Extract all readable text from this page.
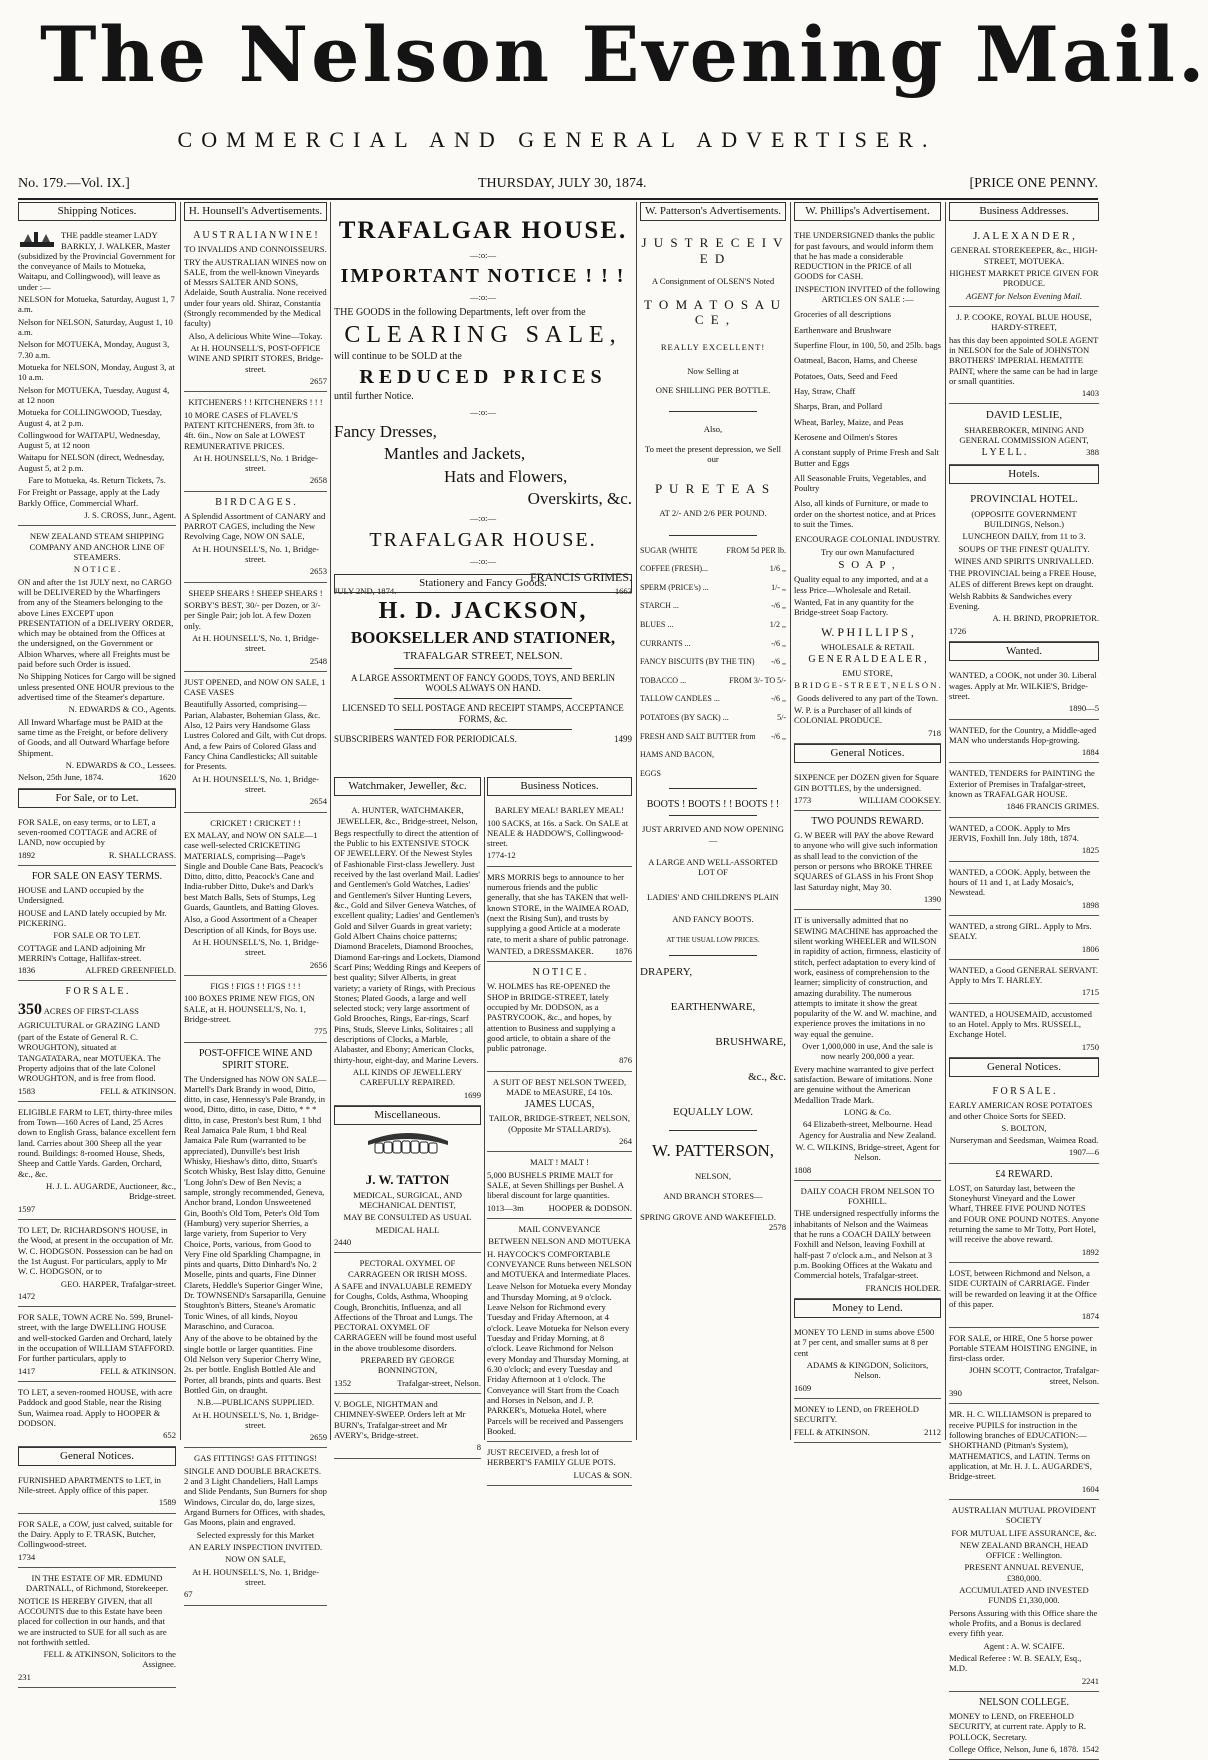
The Nelson Evening Mail.
COMMERCIAL AND GENERAL ADVERTISER.
No. 179.—Vol. IX.]	THURSDAY, JULY 30, 1874.	[PRICE ONE PENNY.
Shipping Notices.

THE paddle steamer LADY BARKLY, J. WALKER, Master (subsidized by the Provincial Government for the conveyance of Mails to Motueka, Waitapu, and Collingwood), will leave as under :—

NELSON for Motueka, Saturday, August 1, 7 a.m.

Nelson for NELSON, Saturday, August 1, 10 a.m.

Nelson for MOTUEKA, Monday, August 3, 7.30 a.m.

Motueka for NELSON, Monday, August 3, at 10 a.m.

Nelson for MOTUEKA, Tuesday, August 4, at 12 noon

Motueka for COLLINGWOOD, Tuesday, August 4, at 2 p.m.

Collingwood for WAITAPU, Wednesday, August 5, at 12 noon

Waitapu for NELSON (direct, Wednesday, August 5, at 2 p.m.

Fare to Motueka, 4s. Return Tickets, 7s.

For Freight or Passage, apply at the Lady Barkly Office, Commercial Wharf.

J. S. CROSS, Junr., Agent.

NEW ZEALAND STEAM SHIPPING COMPANY AND ANCHOR LINE OF STEAMERS.

N O T I C E .

ON and after the 1st JULY next, no CARGO will be DELIVERED by the Wharfingers from any of the Steamers belonging to the above Lines EXCEPT upon PRESENTATION of a DELIVERY ORDER, which may be obtained from the Offices at the undersigned, on the Government or Albion Wharves, where all Freights must be paid before such Order is issued.

No Shipping Notices for Cargo will be signed unless presented ONE HOUR previous to the advertised time of the Steamer's departure.

N. EDWARDS & CO., Agents.

All Inward Wharfage must be PAID at the same time as the Freight, or before delivery of Goods, and all Outward Wharfage before Shipment.

N. EDWARDS & CO., Lessees.

Nelson, 25th June, 1874.	1620

For Sale, or to Let.

FOR SALE, on easy terms, or to LET, a seven-roomed COTTAGE and ACRE of LAND, now occupied by

1892	R. SHALLCRASS.

FOR SALE ON EASY TERMS.

HOUSE and LAND occupied by the Undersigned.

HOUSE and LAND lately occupied by Mr. PICKERING.

FOR SALE OR TO LET.

COTTAGE and LAND adjoining Mr MERRIN's Cottage, Hallifax-street.

1836	ALFRED GREENFIELD.

F O R S A L E .

350 ACRES OF FIRST-CLASS AGRICULTURAL or GRAZING LAND

(part of the Estate of General R. C. WROUGHTON), situated at TANGATATARA, near MOTUEKA. The Property adjoins that of the late Colonel WROUGHTON, and is free from flood.

1583	FELL & ATKINSON.

ELIGIBLE FARM to LET, thirty-three miles from Town—160 Acres of Land, 25 Acres down to English Grass, balance excellent fern land. Carries about 300 Sheep all the year round. Buildings: 8-roomed House, Sheds, Sheep and Cattle Yards. Garden, Orchard, &c., &c.

H. J. L. AUGARDE, Auctioneer, &c., Bridge-street.

1597

TO LET, Dr. RICHARDSON'S HOUSE, in the Wood, at present in the occupation of Mr. W. C. HODGSON. Possession can be had on the 1st August. For particulars, apply to Mr W. C. HODGSON, or to

GEO. HARPER, Trafalgar-street.

1472

FOR SALE, TOWN ACRE No. 599, Brunel-street, with the large DWELLING HOUSE and well-stocked Garden and Orchard, lately in the occupation of WILLIAM STAFFORD. For further particulars, apply to

1417	FELL & ATKINSON.

TO LET, a seven-roomed HOUSE, with acre Paddock and good Stable, near the Rising Sun, Waimea road. Apply to HOOPER & DODSON.

652

General Notices.

FURNISHED APARTMENTS to LET, in Nile-street. Apply office of this paper.

1589

FOR SALE, a COW, just calved, suitable for the Dairy. Apply to F. TRASK, Butcher, Collingwood-street.

1734

IN THE ESTATE OF MR. EDMUND DARTNALL, of Richmond, Storekeeper.

NOTICE IS HEREBY GIVEN, that all ACCOUNTS due to this Estate have been placed for collection in our hands, and that we are instructed to SUE for all such as are not forthwith settled.

FELL & ATKINSON, Solicitors to the Assignee.

231

H. Hounsell's Advertisements.

A U S T R A L I A N W I N E !

TO INVALIDS AND CONNOISSEURS.

TRY the AUSTRALIAN WINES now on SALE, from the well-known Vineyards of Messrs SALTER AND SONS, Adelaide, South Australia. None received under four years old. Shiraz, Constantia (Strongly recommended by the Medical faculty)

Also, A delicious White Wine—Tokay.

At H. HOUNSELL'S, POST-OFFICE WINE AND SPIRIT STORES, Bridge-street.

2657

KITCHENERS ! ! KITCHENERS ! ! !

10 MORE CASES of FLAVEL'S PATENT KITCHENERS, from 3ft. to 4ft. 6in., Now on Sale at LOWEST REMUNERATIVE PRICES.

At H. HOUNSELL'S, No. 1 Bridge-street.

2658

B I R D C A G E S .

A Splendid Assortment of CANARY and PARROT CAGES, including the New Revolving Cage, NOW ON SALE,

At H. HOUNSELL'S, No. 1, Bridge-street.

2653

SHEEP SHEARS ! SHEEP SHEARS !

SORBY'S BEST, 30/- per Dozen, or 3/- per Single Pair; job lot. A few Dozen only.

At H. HOUNSELL'S, No. 1, Bridge-street.

2548

JUST OPENED, and NOW ON SALE, 1 CASE VASES

Beautifully Assorted, comprising—Parian, Alabaster, Bohemian Glass, &c. Also, 12 Pairs very Handsome Glass Lustres Colored and Gilt, with Cut drops. And, a few Pairs of Colored Glass and Fancy China Candlesticks; All suitable for Presents.

At H. HOUNSELL'S, No. 1, Bridge-street.

2654

CRICKET ! CRICKET ! !

EX MALAY, and NOW ON SALE—1 case well-selected CRICKETING MATERIALS, comprising—Page's Single and Double Cane Bats, Peacock's Ditto, ditto, ditto, Peacock's Cane and India-rubber Ditto, Duke's and Dark's best Match Balls, Sets of Stumps, Leg Guards, Gauntlets, and Batting Gloves.

Also, a Good Assortment of a Cheaper Description of all Kinds, for Boys use.

At H. HOUNSELL'S, No. 1, Bridge-street.

2656

FIGS ! FIGS ! ! FIGS ! ! !

100 BOXES PRIME NEW FIGS, ON SALE, at H. HOUNSELL'S, No. 1, Bridge-street.

775

POST-OFFICE WINE AND SPIRIT STORE.

The Undersigned has NOW ON SALE—Martell's Dark Brandy in wood, Ditto, ditto, in case, Hennessy's Pale Brandy, in wood, Ditto, ditto, in case, Ditto, * * * ditto, in case, Preston's best Rum, 1 bhd Real Jamaica Pale Rum, 1 bhd Real Jamaica Pale Rum (warranted to be appreciated), Dunville's best Irish Whisky, Hieshaw's ditto, ditto, Stuart's Scotch Whisky, Best Islay ditto, Genuine 'Long John's Dew of Ben Nevis; a sample, strongly recommended, Geneva, Anchor brand, London Unsweetened Gin, Booth's Old Tom, Peter's Old Tom (Hamburg) very superior Sherries, a large variety, from Superior to Very Choice, Ports, various, from Good to Very Fine old Sparkling Champagne, in pints and quarts, Ditto Dinhard's No. 2 Moselle, pints and quarts, Fine Dinner Clarets, Heddle's Superior Ginger Wine, Dr. TOWNSEND's Sarsaparilla, Genuine Stoughton's Bitters, Steane's Aromatic Tonic Wines, of all kinds, Noyou Maraschino, and Curacoa.

Any of the above to be obtained by the single bottle or larger quantities. Fine Old Nelson very Superior Cherry Wine, 2s. per bottle. English Bottled Ale and Porter, all brands, pints and quarts. Best Bottled Gin, on draught.

N.B.—PUBLICANS SUPPLIED.

At H. HOUNSELL'S, No. 1, Bridge-street.

2659

GAS FITTINGS! GAS FITTINGS!

SINGLE AND DOUBLE BRACKETS. 2 and 3 Light Chandeliers, Hall Lamps and Slide Pendants, Sun Burners for shop Windows, Circular do, do, large sizes, Argand Burners for Offices, with shades, Gas Moons, plain and engraved.

Selected expressly for this Market

AN EARLY INSPECTION INVITED.

NOW ON SALE,

At H. HOUNSELL'S, No. 1, Bridge-street.

67

TRAFALGAR HOUSE.

—:o:—

IMPORTANT NOTICE ! ! !

—:o:—

THE GOODS in the following Departments, left over from the

CLEARING SALE,

will continue to be SOLD at the

REDUCED PRICES

until further Notice.

—:o:—

Fancy Dresses,

Mantles and Jackets,

Hats and Flowers,

Overskirts, &c.

—:o:—

TRAFALGAR HOUSE.

—:o:—

FRANCIS GRIMES.

JULY 2ND, 1874.	1663

Stationery and Fancy Goods.

H. D. JACKSON,

BOOKSELLER AND STATIONER,

TRAFALGAR STREET, NELSON.

A LARGE ASSORTMENT OF FANCY GOODS, TOYS, AND BERLIN WOOLS ALWAYS ON HAND.

LICENSED TO SELL POSTAGE AND RECEIPT STAMPS, ACCEPTANCE FORMS, &c.

SUBSCRIBERS WANTED FOR PERIODICALS.	1499

Watchmaker, Jeweller, &c.

A. HUNTER, WATCHMAKER, JEWELLER, &c., Bridge-street, Nelson,

Begs respectfully to direct the attention of the Public to his EXTENSIVE STOCK OF JEWELLERY. Of the Newest Styles of Fashionable First-class Jewellery. Just received by the last overland Mail. Ladies' and Gentlemen's Gold Watches, Ladies' and Gentlemen's Silver Hunting Levers, &c., Gold and Silver Geneva Watches, of excellent quality; Ladies' and Gentlemen's Gold and Silver Guards in great variety; Gold Albert Chains choice patterns; Diamond Bracelets, Diamond Brooches, Diamond Ear-rings and Lockets, Diamond Scarf Pins; Wedding Rings and Keepers of best quality; Silver Alberts, in great variety; a variety of Rings, with Precious Stones; Plated Goods, a large and well selected stock; very large assortment of Gold Brooches, Rings, Ear-rings, Scarf Pins, Studs, Sleeve Links, Solitaires ; all descriptions of Clocks, a Marble, Alabaster, and Ebony; American Clocks, thirty-hour, eight-day, and Marine Levers.

ALL KINDS OF JEWELLERY CAREFULLY REPAIRED.

1699

Miscellaneous.

J. W. TATTON

MEDICAL, SURGICAL, AND MECHANICAL DENTIST,

MAY BE CONSULTED AS USUAL

MEDICAL HALL

2440

PECTORAL OXYMEL OF CARRAGEEN OR IRISH MOSS.

A SAFE and INVALUABLE REMEDY for Coughs, Colds, Asthma, Whooping Cough, Bronchitis, Influenza, and all Affections of the Throat and Lungs. The PECTORAL OXYMEL OF CARRAGEEN will be found most useful in the above troublesome disorders.

PREPARED BY GEORGE BONNINGTON,

1352	Trafalgar-street, Nelson.

V. BOGLE, NIGHTMAN and CHIMNEY-SWEEP. Orders left at Mr BURN's, Trafalgar-street and Mr AVERY's, Bridge-street.

8

Business Notices.

BARLEY MEAL! BARLEY MEAL!

100 SACKS, at 16s. a Sack. On SALE at NEALE & HADDOW'S, Collingwood-street.

1774-12

MRS MORRIS begs to announce to her numerous friends and the public generally, that she has TAKEN that well-known STORE, in the WAIMEA ROAD, (next the Rising Sun), and trusts by supplying a good Article at a moderate rate, to merit a share of public patronage.

WANTED, a DRESSMAKER. 1876

N O T I C E .

W. HOLMES has RE-OPENED the SHOP in BRIDGE-STREET, lately occupied by Mr. DODSON, as a PASTRYCOOK, &c., and hopes, by attention to Business and supplying a good article, to obtain a share of the public patronage.

876

A SUIT OF BEST NELSON TWEED, MADE to MEASURE, £4 10s.

JAMES LUCAS,

TAILOR, BRIDGE-STREET, NELSON, (Opposite Mr STALLARD's).

264

MALT ! MALT !

5,000 BUSHELS PRIME MALT for SALE, at Seven Shillings per Bushel. A liberal discount for large quantities.

1013—3m	HOOPER & DODSON.

MAIL CONVEYANCE

BETWEEN NELSON AND MOTUEKA

H. HAYCOCK'S COMFORTABLE CONVEYANCE Runs between NELSON and MOTUEKA and Intermediate Places.

Leave Nelson for Motueka every Monday and Thursday Morning, at 9 o'clock. Leave Nelson for Richmond every Tuesday and Friday Afternoon, at 4 o'clock. Leave Motueka for Nelson every Tuesday and Friday Morning, at 8 o'clock. Leave Richmond for Nelson every Monday and Thursday Morning, at 6.30 o'clock; and every Tuesday and Friday Afternoon at 1 o'clock. The Conveyance will Start from the Coach and Horses in Nelson, and J. P. PARKER's, Motueka Hotel, where Parcels will be received and Passengers Booked.

JUST RECEIVED, a fresh lot of HERBERT'S FAMILY GLUE POTS.

LUCAS & SON.

W. Patterson's Advertisements.

J U S T R E C E I V E D

A Consignment of OLSEN'S Noted

T O M A T O S A U C E ,

REALLY EXCELLENT!

Now Selling at

ONE SHILLING PER BOTTLE.

Also,

To meet the present depression, we Sell our

P U R E T E A S

AT 2/- AND 2/6 PER POUND.

SUGAR (WHITE	FROM 5d PER lb.
COFFEE (FRESH)...	1/6 ,,
SPERM (PRICE's) ...	1/- ,,
STARCH ...	-/6 ,,
BLUES ...	1/2 ,,
CURRANTS ...	-/6 ,,
FANCY BISCUITS (BY THE TIN) -/6 ,,
TOBACCO ...	FROM 3/- TO 5/-
TALLOW CANDLES ...	-/6 ,,
POTATOES (BY SACK) ...	5/-
FRESH AND SALT BUTTER from -/6 ,,
HAMS AND BACON,
EGGS

BOOTS ! BOOTS ! ! BOOTS ! !

JUST ARRIVED AND NOW OPENING—

A LARGE AND WELL-ASSORTED LOT OF

LADIES' AND CHILDREN'S PLAIN

AND FANCY BOOTS.

AT THE USUAL LOW PRICES.

DRAPERY,

EARTHENWARE,

BRUSHWARE,

&c., &c.

EQUALLY LOW.

W. PATTERSON,

NELSON,

AND BRANCH STORES—

SPRING GROVE AND WAKEFIELD.
2578

W. Phillips's Advertisement.

THE UNDERSIGNED thanks the public for past favours, and would inform them that he has made a considerable REDUCTION in the PRICE of all GOODS for CASH.

INSPECTION INVITED of the following ARTICLES ON SALE :—

Groceries of all descriptions

Earthenware and Brushware

Superfine Flour, in 100, 50, and 25lb. bags

Oatmeal, Bacon, Hams, and Cheese

Potatoes, Oats, Seed and Feed

Hay, Straw, Chaff

Sharps, Bran, and Pollard

Wheat, Barley, Maize, and Peas

Kerosene and Oilmen's Stores

A constant supply of Prime Fresh and Salt Butter and Eggs

All Seasonable Fruits, Vegetables, and Poultry

Also, all kinds of Furniture, or made to order on the shortest notice, and at Prices to suit the Times.

ENCOURAGE COLONIAL INDUSTRY.

Try our own Manufactured

S O A P ,

Quality equal to any imported, and at a less Price—Wholesale and Retail.

Wanted, Fat in any quantity for the Bridge-street Soap Factory.

W. P H I L L I P S ,

WHOLESALE & RETAIL

G E N E R A L D E A L E R ,

EMU STORE,

B R I D G E - S T R E E T , N E L S O N .

Goods delivered to any part of the Town.

W. P. is a Purchaser of all kinds of COLONIAL PRODUCE.

718

General Notices.

SIXPENCE per DOZEN given for Square GIN BOTTLES, by the undersigned.

1773	WILLIAM COOKSEY.

TWO POUNDS REWARD.

G. W BEER will PAY the above Reward to anyone who will give such information as shall lead to the conviction of the person or persons who BROKE THREE SQUARES of GLASS in his Front Shop last Saturday night, May 30.

1390

IT is universally admitted that no SEWING MACHINE has approached the silent working WHEELER and WILSON in rapidity of action, firmness, elasticity of stitch, perfect adaptation to every kind of work, easiness of comprehension to the learner; simplicity of construction, and amazing durability. The numerous attempts to imitate it show the great popularity of the W. and W. machine, and experience proves the imitations in no way equal the genuine.

Over 1,000,000 in use, And the sale is now nearly 200,000 a year.

Every machine warranted to give perfect satisfaction. Beware of imitations. None are genuine without the American Medallion Trade Mark.

LONG & Co.

64 Elizabeth-street, Melbourne. Head Agency for Australia and New Zealand.

W. C. WILKINS, Bridge-street, Agent for Nelson.

1808

DAILY COACH FROM NELSON TO FOXHILL.

THE undersigned respectfully informs the inhabitants of Nelson and the Waimeas that he runs a COACH DAILY between Foxhill and Nelson, leaving Foxhill at half-past 7 o'clock a.m., and Nelson at 3 p.m. Booking Offices at the Wakatu and Commercial hotels, Trafalgar-street.

FRANCIS HOLDER.

Money to Lend.

MONEY TO LEND in sums above £500 at 7 per cent, and smaller sums at 8 per cent

ADAMS & KINGDON, Solicitors, Nelson.

1609

MONEY to LEND, on FREEHOLD SECURITY.

FELL & ATKINSON.	2112

Business Addresses.

J. A L E X A N D E R ,

GENERAL STOREKEEPER, &c., HIGH-STREET, MOTUEKA.

HIGHEST MARKET PRICE GIVEN FOR PRODUCE.

AGENT for Nelson Evening Mail.

J. P. COOKE, ROYAL BLUE HOUSE, HARDY-STREET,

has this day been appointed SOLE AGENT in NELSON for the Sale of JOHNSTON BROTHERS' IMPERIAL HEMATITE PAINT, where the same can be had in large or small quantities.

1403

DAVID LESLIE,

SHAREBROKER, MINING AND GENERAL COMMISSION AGENT,

L Y E L L .	388

Hotels.

PROVINCIAL HOTEL.

(OPPOSITE GOVERNMENT BUILDINGS, Nelson.)

LUNCHEON DAILY, from 11 to 3.

SOUPS OF THE FINEST QUALITY.

WINES AND SPIRITS UNRIVALLED.

THE PROVINCIAL being a FREE House, ALES of different Brews kept on draught.

Welsh Rabbits & Sandwiches every Evening.

A. H. BRIND, PROPRIETOR.

1726

Wanted.

WANTED, a COOK, not under 30. Liberal wages. Apply at Mr. WILKIE'S, Bridge-street.

1890—5

WANTED, for the Country, a Middle-aged MAN who understands Hop-growing.

1884

WANTED, TENDERS for PAINTING the Exterior of Premises in Trafalgar-street, known as TRAFALGAR HOUSE.

1846 FRANCIS GRIMES.

WANTED, a COOK. Apply to Mrs JERVIS, Foxhill Inn. July 18th, 1874.

1825

WANTED, a COOK. Apply, between the hours of 11 and 1, at Lady Mosaic's, Newstead.

1898

WANTED, a strong GIRL. Apply to Mrs. SEALY.

1806

WANTED, a Good GENERAL SERVANT. Apply to Mrs T. HARLEY.

1715

WANTED, a HOUSEMAID, accustomed to an Hotel. Apply to Mrs. RUSSELL, Exchange Hotel.

1750

General Notices.

F O R S A L E .

EARLY AMERICAN ROSE POTATOES and other Choice Sorts for SEED.

S. BOLTON,

Nurseryman and Seedsman, Waimea Road.

1907—6

£4 REWARD.

LOST, on Saturday last, between the Stoneyhurst Vineyard and the Lower Wharf, THREE FIVE POUND NOTES and FOUR ONE POUND NOTES. Anyone returning the same to Mr Totty, Port Hotel, will receive the above reward.

1892

LOST, between Richmond and Nelson, a SIDE CURTAIN of CARRIAGE. Finder will be rewarded on leaving it at the Office of this paper.

1874

FOR SALE, or HIRE, One 5 horse power Portable STEAM HOISTING ENGINE, in first-class order.

JOHN SCOTT, Contractor, Trafalgar-street, Nelson.

390

MR. H. C. WILLIAMSON is prepared to receive PUPILS for instruction in the following branches of EDUCATION:—SHORTHAND (Pitman's System), MATHEMATICS, and LATIN. Terms on application, at Mr. H. J. L. AUGARDE'S, Bridge-street.

1604

AUSTRALIAN MUTUAL PROVIDENT SOCIETY

FOR MUTUAL LIFE ASSURANCE, &c.

NEW ZEALAND BRANCH, HEAD OFFICE : Wellington.

PRESENT ANNUAL REVENUE, £380,000.

ACCUMULATED AND INVESTED FUNDS £1,330,000.

Persons Assuring with this Office share the whole Profits, and a Bonus is declared every fifth year.

Agent : A. W. SCAIFE.

Medical Referee : W. B. SEALY, Esq., M.D.

2241

NELSON COLLEGE.

MONEY to LEND, on FREEHOLD SECURITY, at current rate. Apply to R. POLLOCK, Secretary.

College Office, Nelson, June 6, 1878. 1542
